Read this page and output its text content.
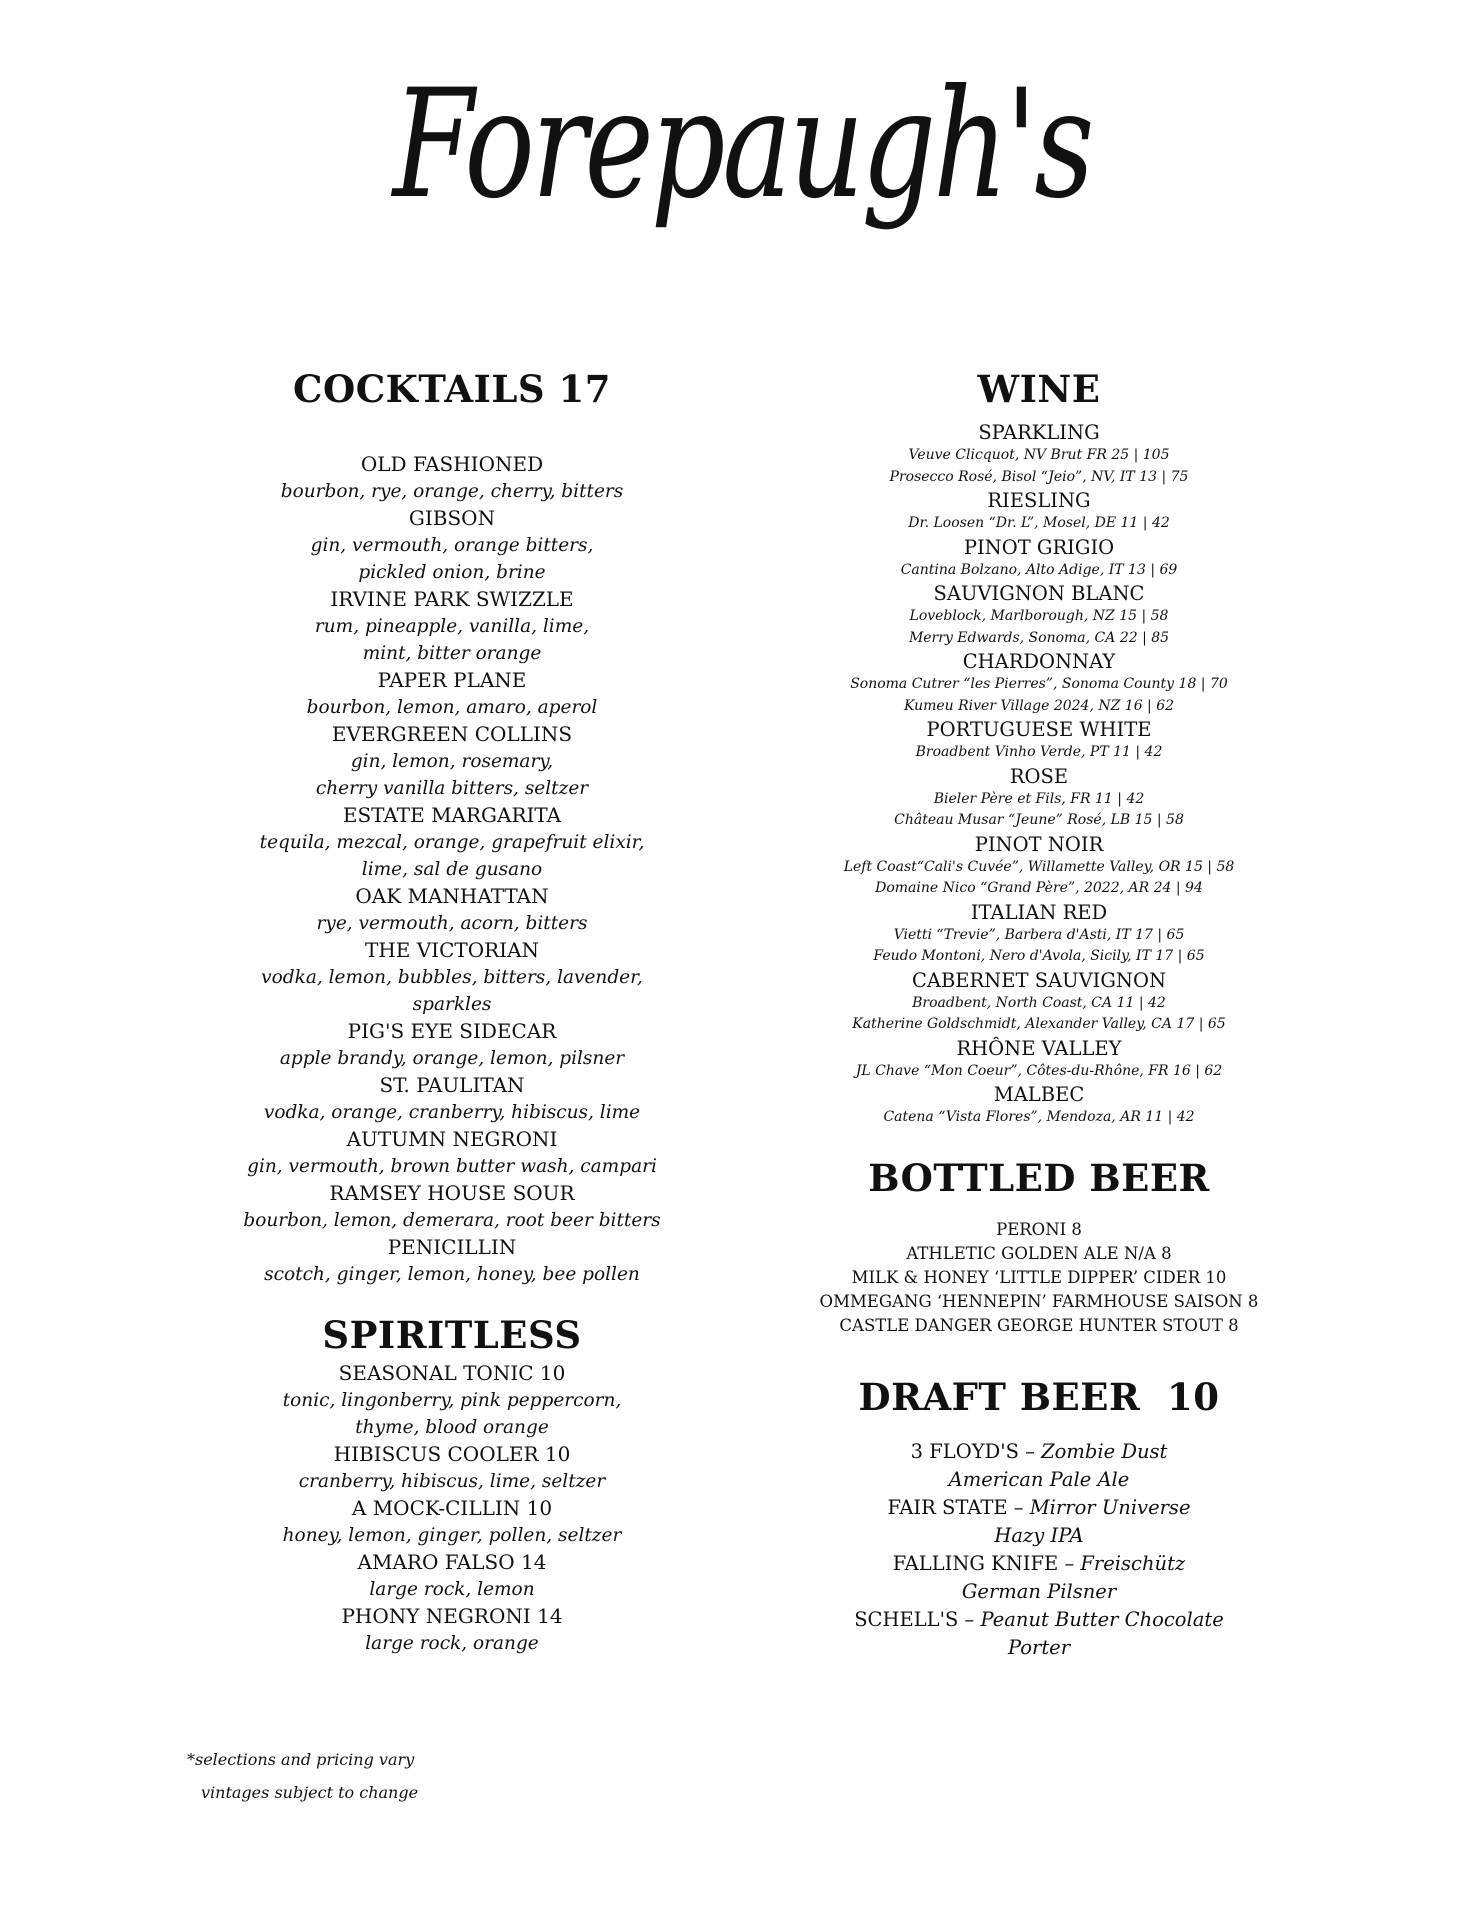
Forepaugh's
COCKTAILS 17
OLD FASHIONED
bourbon, rye, orange, cherry, bitters
GIBSON
gin, vermouth, orange bitters,
pickled onion, brine
IRVINE PARK SWIZZLE
rum, pineapple, vanilla, lime,
mint, bitter orange
PAPER PLANE
bourbon, lemon, amaro, aperol
EVERGREEN COLLINS
gin, lemon, rosemary,
cherry vanilla bitters, seltzer
ESTATE MARGARITA
tequila, mezcal, orange, grapefruit elixir,
lime, sal de gusano
OAK MANHATTAN
rye, vermouth, acorn, bitters
THE VICTORIAN
vodka, lemon, bubbles, bitters, lavender, sparkles
PIG'S EYE SIDECAR
apple brandy, orange, lemon, pilsner
ST. PAULITAN
vodka, orange, cranberry, hibiscus, lime
AUTUMN NEGRONI
gin, vermouth, brown butter wash, campari
RAMSEY HOUSE SOUR
bourbon, lemon, demerara, root beer bitters
PENICILLIN
scotch, ginger, lemon, honey, bee pollen
SPIRITLESS
SEASONAL TONIC 10
tonic, lingonberry, pink peppercorn,
thyme, blood orange
HIBISCUS COOLER 10
cranberry, hibiscus, lime, seltzer
A MOCK-CILLIN 10
honey, lemon, ginger, pollen, seltzer
AMARO FALSO 14
large rock, lemon
PHONY NEGRONI 14
large rock, orange
WINE
SPARKLING
Veuve Clicquot, NV Brut FR 25 | 105
Prosecco Rosé, Bisol “Jeio”, NV, IT 13 | 75
RIESLING
Dr. Loosen “Dr. L”, Mosel, DE 11 | 42
PINOT GRIGIO
Cantina Bolzano, Alto Adige, IT 13 | 69
SAUVIGNON BLANC
Loveblock, Marlborough, NZ 15 | 58
Merry Edwards, Sonoma, CA 22 | 85
CHARDONNAY
Sonoma Cutrer “les Pierres”, Sonoma County 18 | 70
Kumeu River Village 2024, NZ 16 | 62
PORTUGUESE WHITE
Broadbent Vinho Verde, PT 11 | 42
ROSE
Bieler Père et Fils, FR 11 | 42
Château Musar “Jeune” Rosé, LB 15 | 58
PINOT NOIR
Left Coast“Cali's Cuvée”, Willamette Valley, OR 15 | 58
Domaine Nico “Grand Père”, 2022, AR 24 | 94
ITALIAN RED
Vietti “Trevie”, Barbera d'Asti, IT 17 | 65
Feudo Montoni, Nero d'Avola, Sicily, IT 17 | 65
CABERNET SAUVIGNON
Broadbent, North Coast, CA 11 | 42
Katherine Goldschmidt, Alexander Valley, CA 17 | 65
RHÔNE VALLEY
JL Chave “Mon Coeur”, Côtes-du-Rhône, FR 16 | 62
MALBEC
Catena “Vista Flores”, Mendoza, AR 11 | 42
BOTTLED BEER
PERONI 8
ATHLETIC GOLDEN ALE N/A 8
MILK & HONEY ‘LITTLE DIPPER’ CIDER 10
OMMEGANG ‘HENNEPIN’ FARMHOUSE SAISON 8
CASTLE DANGER GEORGE HUNTER STOUT 8
DRAFT BEER  10
3 FLOYD'S – Zombie Dust
American Pale Ale
FAIR STATE – Mirror Universe
Hazy IPA
FALLING KNIFE – Freischütz
German Pilsner
SCHELL'S – Peanut Butter Chocolate
Porter
*selections and pricing vary
vintages subject to change
